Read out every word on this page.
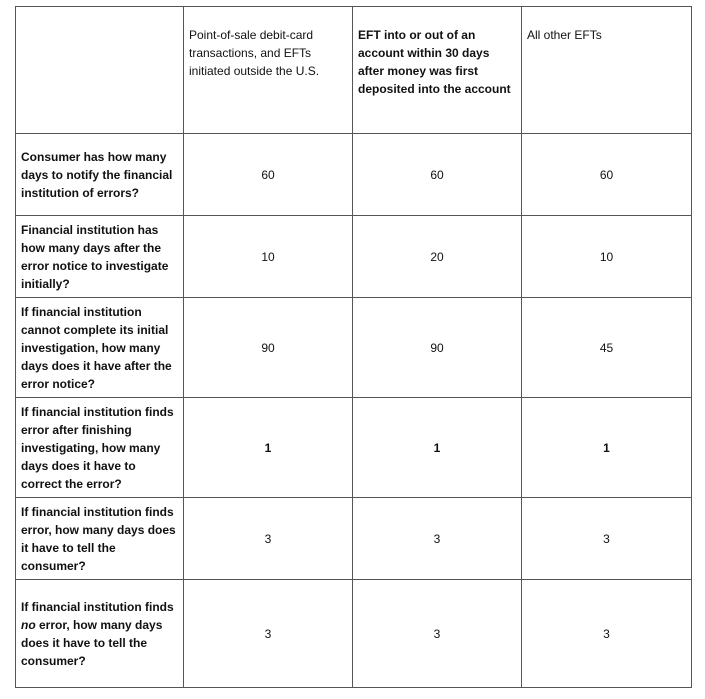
	Point-of-sale debit-card transactions, and EFTs initiated outside the U.S.	EFT into or out of an account within 30 days after money was first deposited into the account	All other EFTs

Consumer has how many days to notify the financial institution of errors?	60	60	60
Financial institution has how many days after the error notice to investigate initially?	10	20	10
If financial institution cannot complete its initial investigation, how many days does it have after the error notice?	90	90	45
If financial institution finds error after finishing investigating, how many days does it have to correct the error?	1	1	1
If financial institution finds error, how many days does it have to tell the consumer?	3	3	3
If financial institution finds no error, how many days does it have to tell the consumer?	3	3	3
